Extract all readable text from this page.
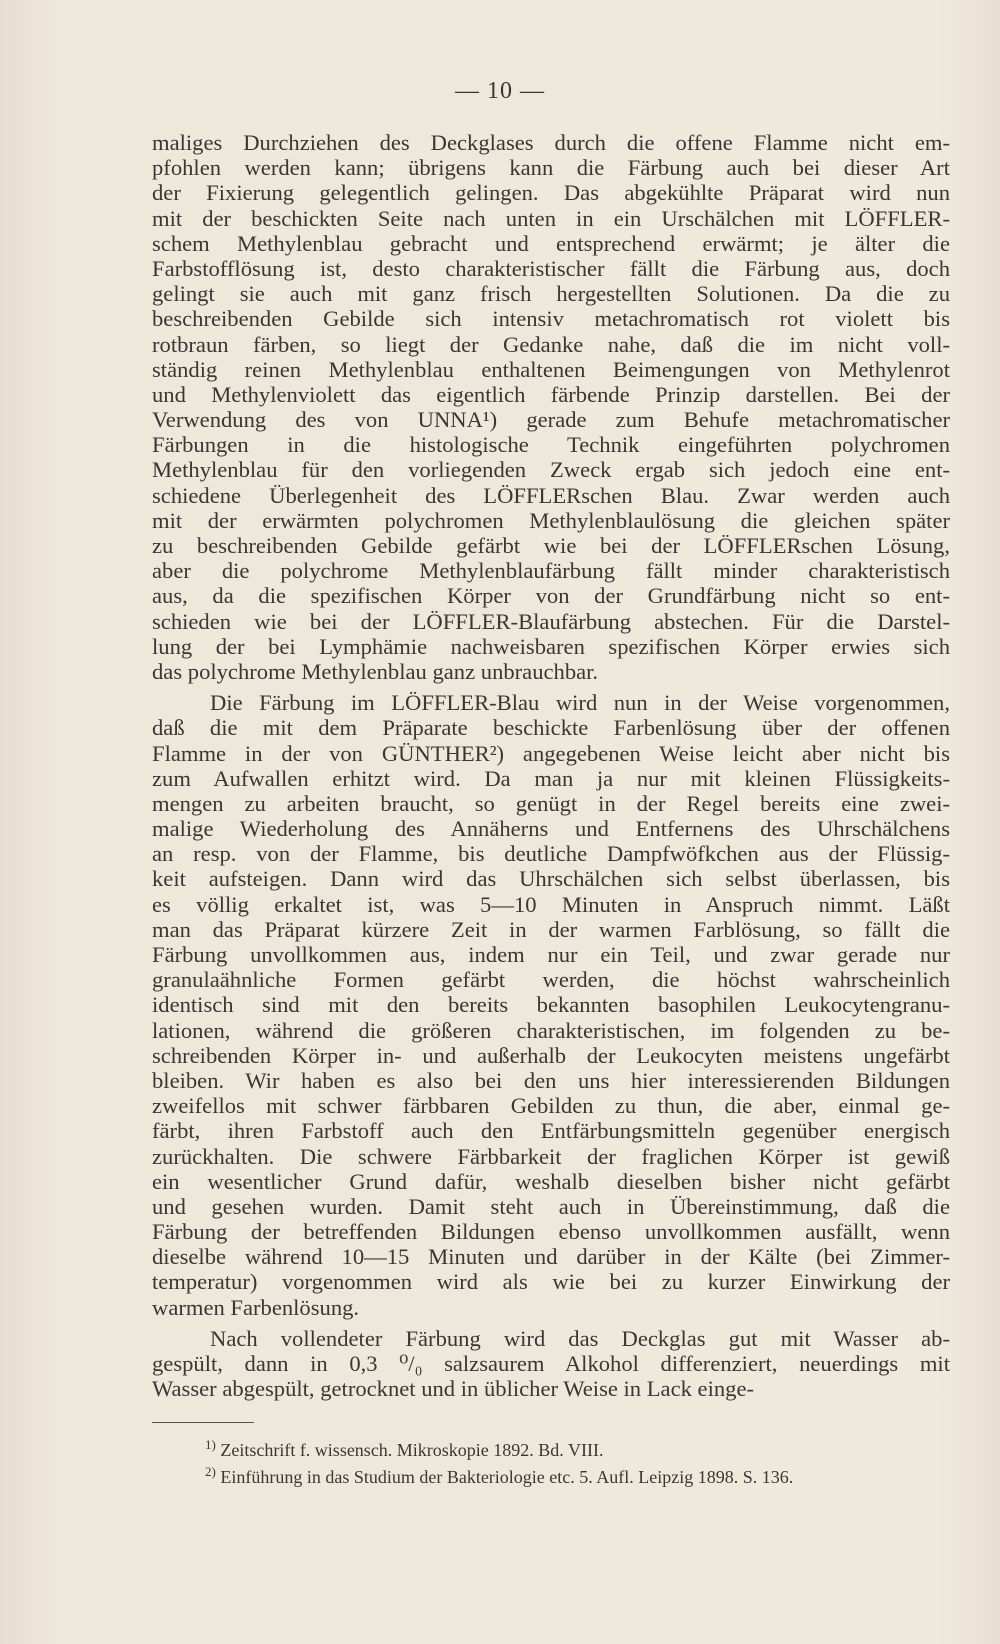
— 10 —
maliges Durchziehen des Deckglases durch die offene Flamme nicht em-
pfohlen werden kann; übrigens kann die Färbung auch bei dieser Art
der Fixierung gelegentlich gelingen. Das abgekühlte Präparat wird nun
mit der beschickten Seite nach unten in ein Urschälchen mit LÖFFLER-
schem Methylenblau gebracht und entsprechend erwärmt; je älter die
Farbstofflösung ist, desto charakteristischer fällt die Färbung aus, doch
gelingt sie auch mit ganz frisch hergestellten Solutionen. Da die zu
beschreibenden Gebilde sich intensiv metachromatisch rot violett bis
rotbraun färben, so liegt der Gedanke nahe, daß die im nicht voll-
ständig reinen Methylenblau enthaltenen Beimengungen von Methylenrot
und Methylenviolett das eigentlich färbende Prinzip darstellen. Bei der
Verwendung des von UNNA¹) gerade zum Behufe metachromatischer
Färbungen in die histologische Technik eingeführten polychromen
Methylenblau für den vorliegenden Zweck ergab sich jedoch eine ent-
schiedene Überlegenheit des LÖFFLERschen Blau. Zwar werden auch
mit der erwärmten polychromen Methylenblaulösung die gleichen später
zu beschreibenden Gebilde gefärbt wie bei der LÖFFLERschen Lösung,
aber die polychrome Methylenblaufärbung fällt minder charakteristisch
aus, da die spezifischen Körper von der Grundfärbung nicht so ent-
schieden wie bei der LÖFFLER-Blaufärbung abstechen. Für die Darstel-
lung der bei Lymphämie nachweisbaren spezifischen Körper erwies sich
das polychrome Methylenblau ganz unbrauchbar.
Die Färbung im LÖFFLER-Blau wird nun in der Weise vorgenommen,
daß die mit dem Präparate beschickte Farbenlösung über der offenen
Flamme in der von GÜNTHER²) angegebenen Weise leicht aber nicht bis
zum Aufwallen erhitzt wird. Da man ja nur mit kleinen Flüssigkeits-
mengen zu arbeiten braucht, so genügt in der Regel bereits eine zwei-
malige Wiederholung des Annäherns und Entfernens des Uhrschälchens
an resp. von der Flamme, bis deutliche Dampfwöfkchen aus der Flüssig-
keit aufsteigen. Dann wird das Uhrschälchen sich selbst überlassen, bis
es völlig erkaltet ist, was 5—10 Minuten in Anspruch nimmt. Läßt
man das Präparat kürzere Zeit in der warmen Farblösung, so fällt die
Färbung unvollkommen aus, indem nur ein Teil, und zwar gerade nur
granulaähnliche Formen gefärbt werden, die höchst wahrscheinlich
identisch sind mit den bereits bekannten basophilen Leukocytengranu-
lationen, während die größeren charakteristischen, im folgenden zu be-
schreibenden Körper in- und außerhalb der Leukocyten meistens ungefärbt
bleiben. Wir haben es also bei den uns hier interessierenden Bildungen
zweifellos mit schwer färbbaren Gebilden zu thun, die aber, einmal ge-
färbt, ihren Farbstoff auch den Entfärbungsmitteln gegenüber energisch
zurückhalten. Die schwere Färbbarkeit der fraglichen Körper ist gewiß
ein wesentlicher Grund dafür, weshalb dieselben bisher nicht gefärbt
und gesehen wurden. Damit steht auch in Übereinstimmung, daß die
Färbung der betreffenden Bildungen ebenso unvollkommen ausfällt, wenn
dieselbe während 10—15 Minuten und darüber in der Kälte (bei Zimmer-
temperatur) vorgenommen wird als wie bei zu kurzer Einwirkung der
warmen Farbenlösung.
Nach vollendeter Färbung wird das Deckglas gut mit Wasser ab-
gespült, dann in 0,3 ⁰/₀ salzsaurem Alkohol differenziert, neuerdings mit
Wasser abgespült, getrocknet und in üblicher Weise in Lack einge-
$^{1)}$ Zeitschrift f. wissensch. Mikroskopie 1892. Bd. VIII.
$^{2)}$ Einführung in das Studium der Bakteriologie etc. 5. Aufl. Leipzig 1898. S. 136.
